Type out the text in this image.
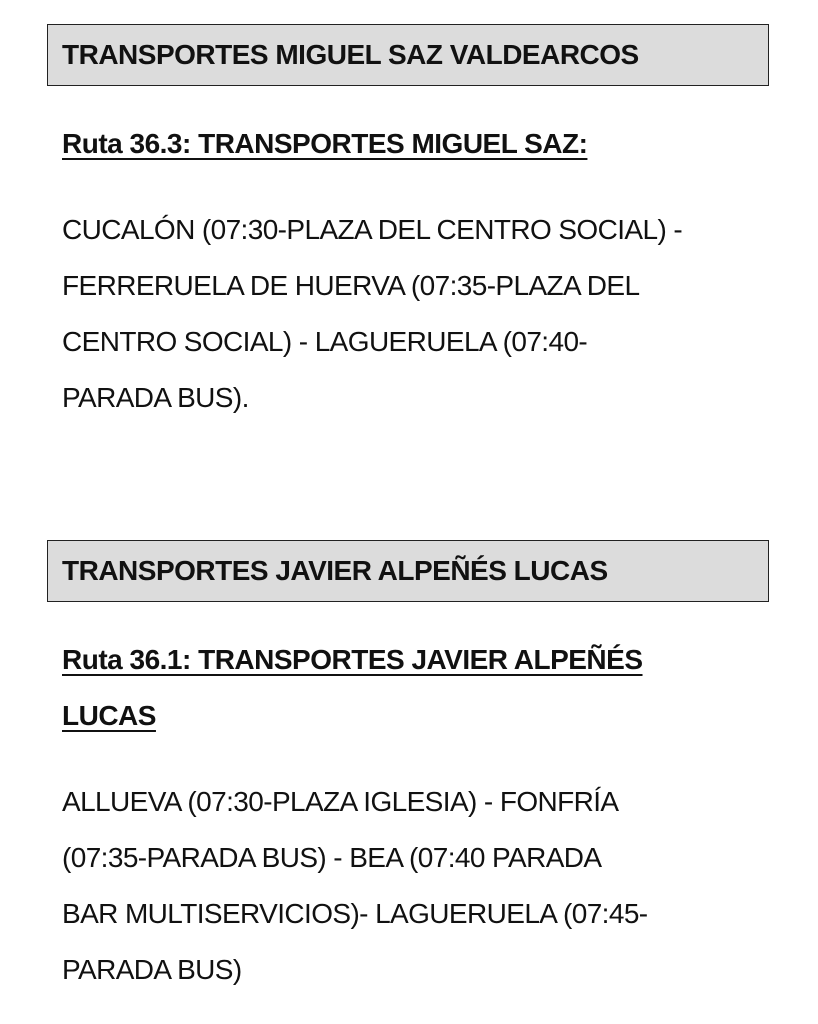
TRANSPORTES MIGUEL SAZ VALDEARCOS
Ruta 36.3: TRANSPORTES MIGUEL SAZ:
CUCALÓN (07:30-PLAZA DEL CENTRO SOCIAL) -
FERRERUELA DE HUERVA (07:35-PLAZA DEL
CENTRO SOCIAL) - LAGUERUELA (07:40-
PARADA BUS).
TRANSPORTES JAVIER ALPEÑÉS LUCAS
Ruta 36.1: TRANSPORTES JAVIER ALPEÑÉS
LUCAS
ALLUEVA (07:30-PLAZA IGLESIA) - FONFRÍA
(07:35-PARADA BUS) - BEA (07:40 PARADA
BAR MULTISERVICIOS)- LAGUERUELA (07:45-
PARADA BUS)
